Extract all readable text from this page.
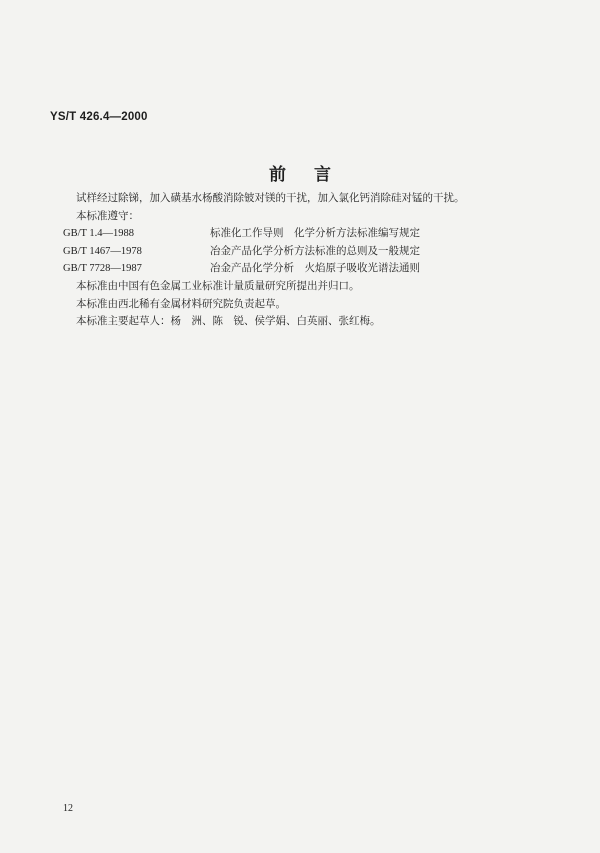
YS/T 426.4—2000
前言
试样经过除锑，加入磺基水杨酸消除铍对镁的干扰，加入氯化钙消除硅对锰的干扰。
本标准遵守：
GB/T 1.4—1988	标准化工作导则　化学分析方法标准编写规定
GB/T 1467—1978	冶金产品化学分析方法标准的总则及一般规定
GB/T 7728—1987	冶金产品化学分析　火焰原子吸收光谱法通则
本标准由中国有色金属工业标准计量质量研究所提出并归口。
本标准由西北稀有金属材料研究院负责起草。
本标准主要起草人：杨　洲、陈　锐、侯学娟、白英丽、张红梅。
12
